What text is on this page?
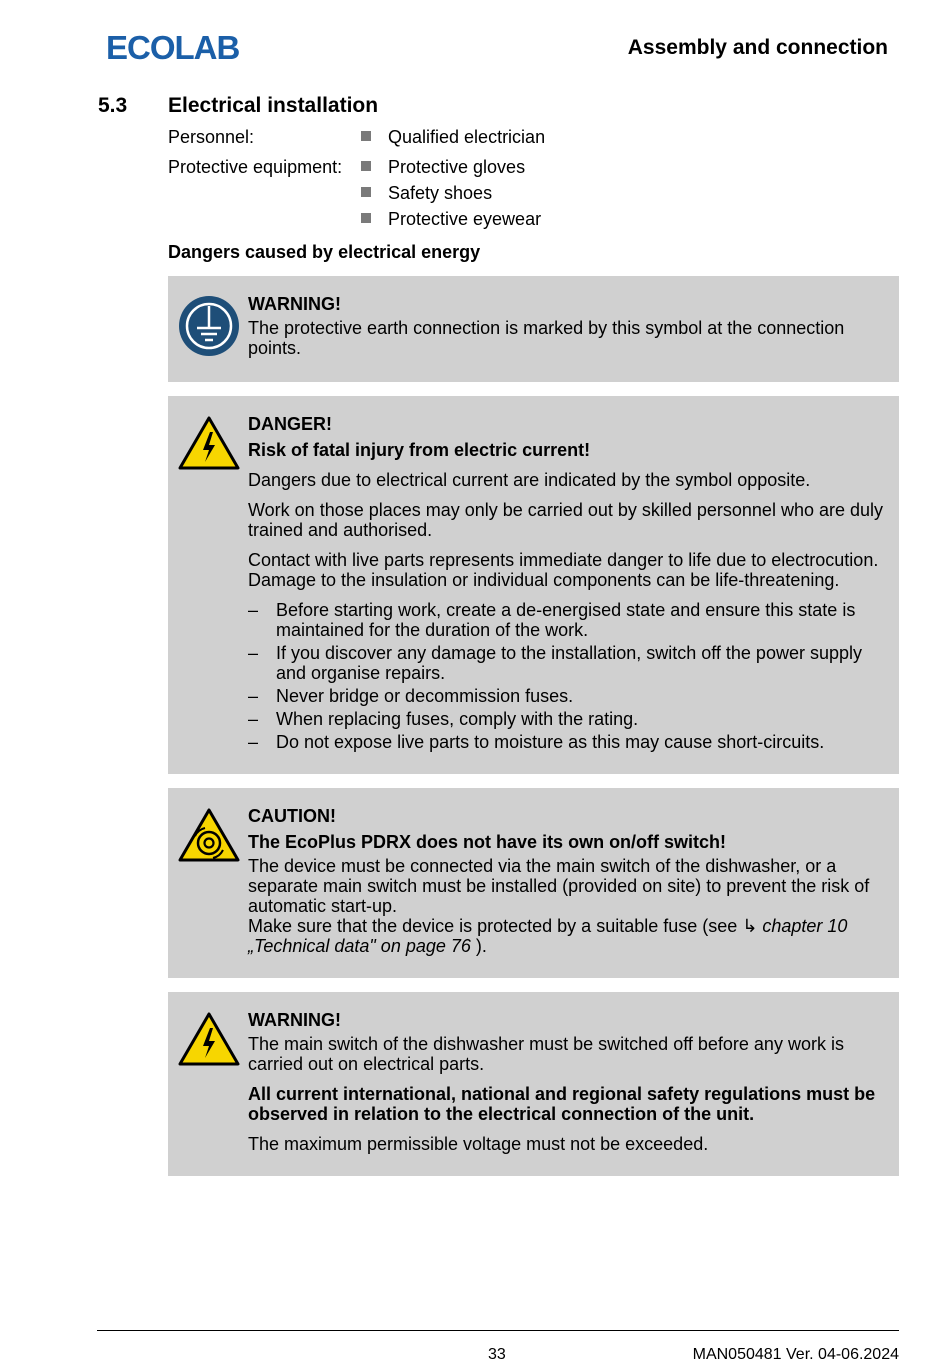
ECOLAB	Assembly and connection
5.3 Electrical installation
Personnel:	Qualified electrician
Protective equipment:	Protective gloves
Safety shoes
Protective eyewear
Dangers caused by electrical energy
WARNING!

The protective earth connection is marked by this symbol at the connection points.

DANGER!
Risk of fatal injury from electric current!

Dangers due to electrical current are indicated by the symbol opposite.

Work on those places may only be carried out by skilled personnel who are duly trained and authorised.

Contact with live parts represents immediate danger to life due to electrocution. Damage to the insulation or individual components can be life-threatening.

– Before starting work, create a de-energised state and ensure this state is maintained for the duration of the work.
– If you discover any damage to the installation, switch off the power supply and organise repairs.
– Never bridge or decommission fuses.
– When replacing fuses, comply with the rating.
– Do not expose live parts to moisture as this may cause short-circuits.
CAUTION!
The EcoPlus PDRX does not have its own on/off switch!

The device must be connected via the main switch of the dishwasher, or a separate main switch must be installed (provided on site) to prevent the risk of automatic start-up.

Make sure that the device is protected by a suitable fuse (see ↳ chapter 10 „Technical data" on page 76 ).

WARNING!

The main switch of the dishwasher must be switched off before any work is carried out on electrical parts.

All current international, national and regional safety regulations must be observed in relation to the electrical connection of the unit.

The maximum permissible voltage must not be exceeded.

33	MAN050481 Ver. 04-06.2024
